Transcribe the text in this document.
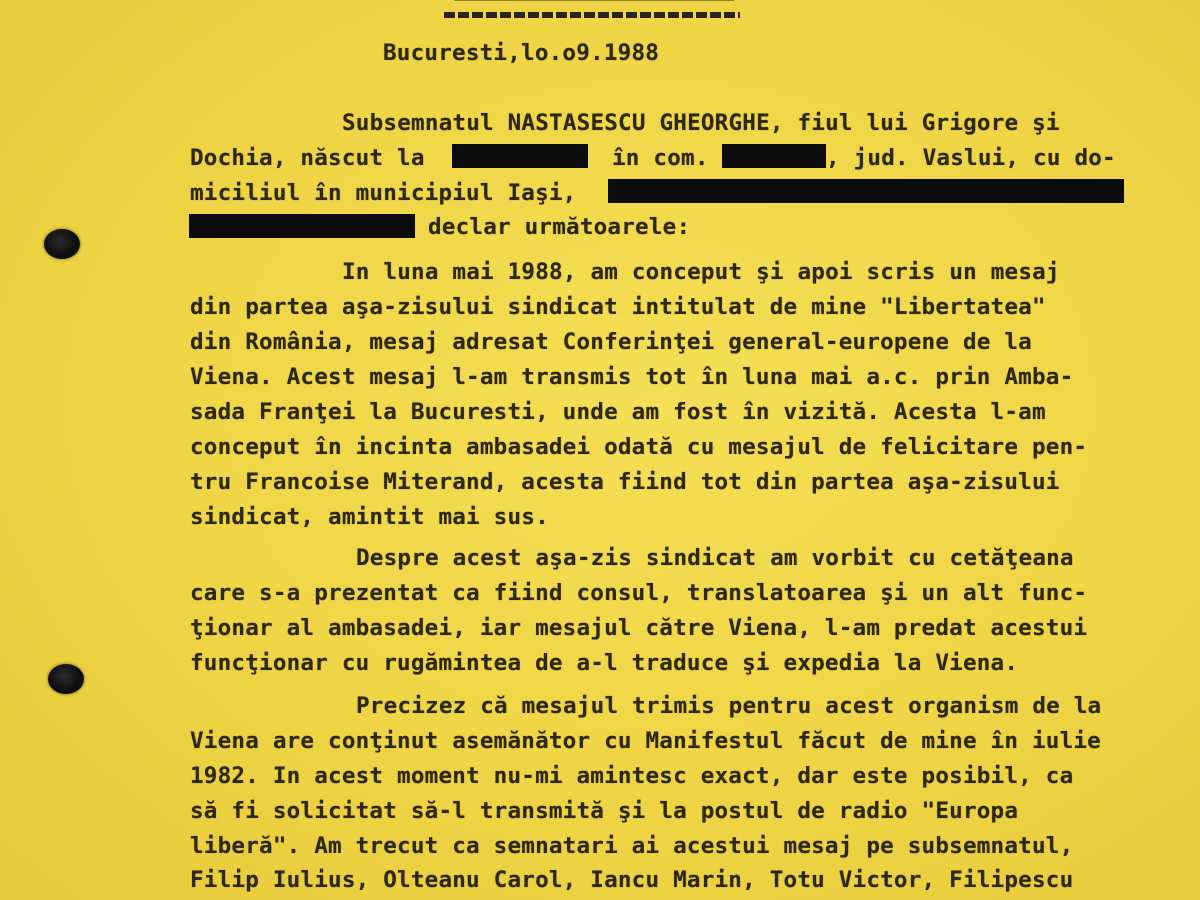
Bucuresti,lo.o9.1988
Subsemnatul NASTASESCU GHEORGHE, fiul lui Grigore şi
Dochia, născut la	în com.	, jud. Vaslui, cu do-
miciliul în municipiul Iaşi,
declar următoarele:
In luna mai 1988, am conceput şi apoi scris un mesaj
din partea aşa-zisului sindicat intitulat de mine "Libertatea"
din România, mesaj adresat Conferinţei general-europene de la
Viena. Acest mesaj l-am transmis tot în luna mai a.c. prin Amba-
sada Franţei la Bucuresti, unde am fost în vizită. Acesta l-am
conceput în incinta ambasadei odată cu mesajul de felicitare pen-
tru Francoise Miterand, acesta fiind tot din partea aşa-zisului
sindicat, amintit mai sus.
Despre acest aşa-zis sindicat am vorbit cu cetăţeana
care s-a prezentat ca fiind consul, translatoarea şi un alt func-
ţionar al ambasadei, iar mesajul către Viena, l-am predat acestui
funcţionar cu rugămintea de a-l traduce şi expedia la Viena.
Precizez că mesajul trimis pentru acest organism de la
Viena are conţinut asemănător cu Manifestul făcut de mine în iulie
1982. In acest moment nu-mi amintesc exact, dar este posibil, ca
să fi solicitat să-l transmită şi la postul de radio "Europa
liberă". Am trecut ca semnatari ai acestui mesaj pe subsemnatul,
Filip Iulius, Olteanu Carol, Iancu Marin, Totu Victor, Filipescu
